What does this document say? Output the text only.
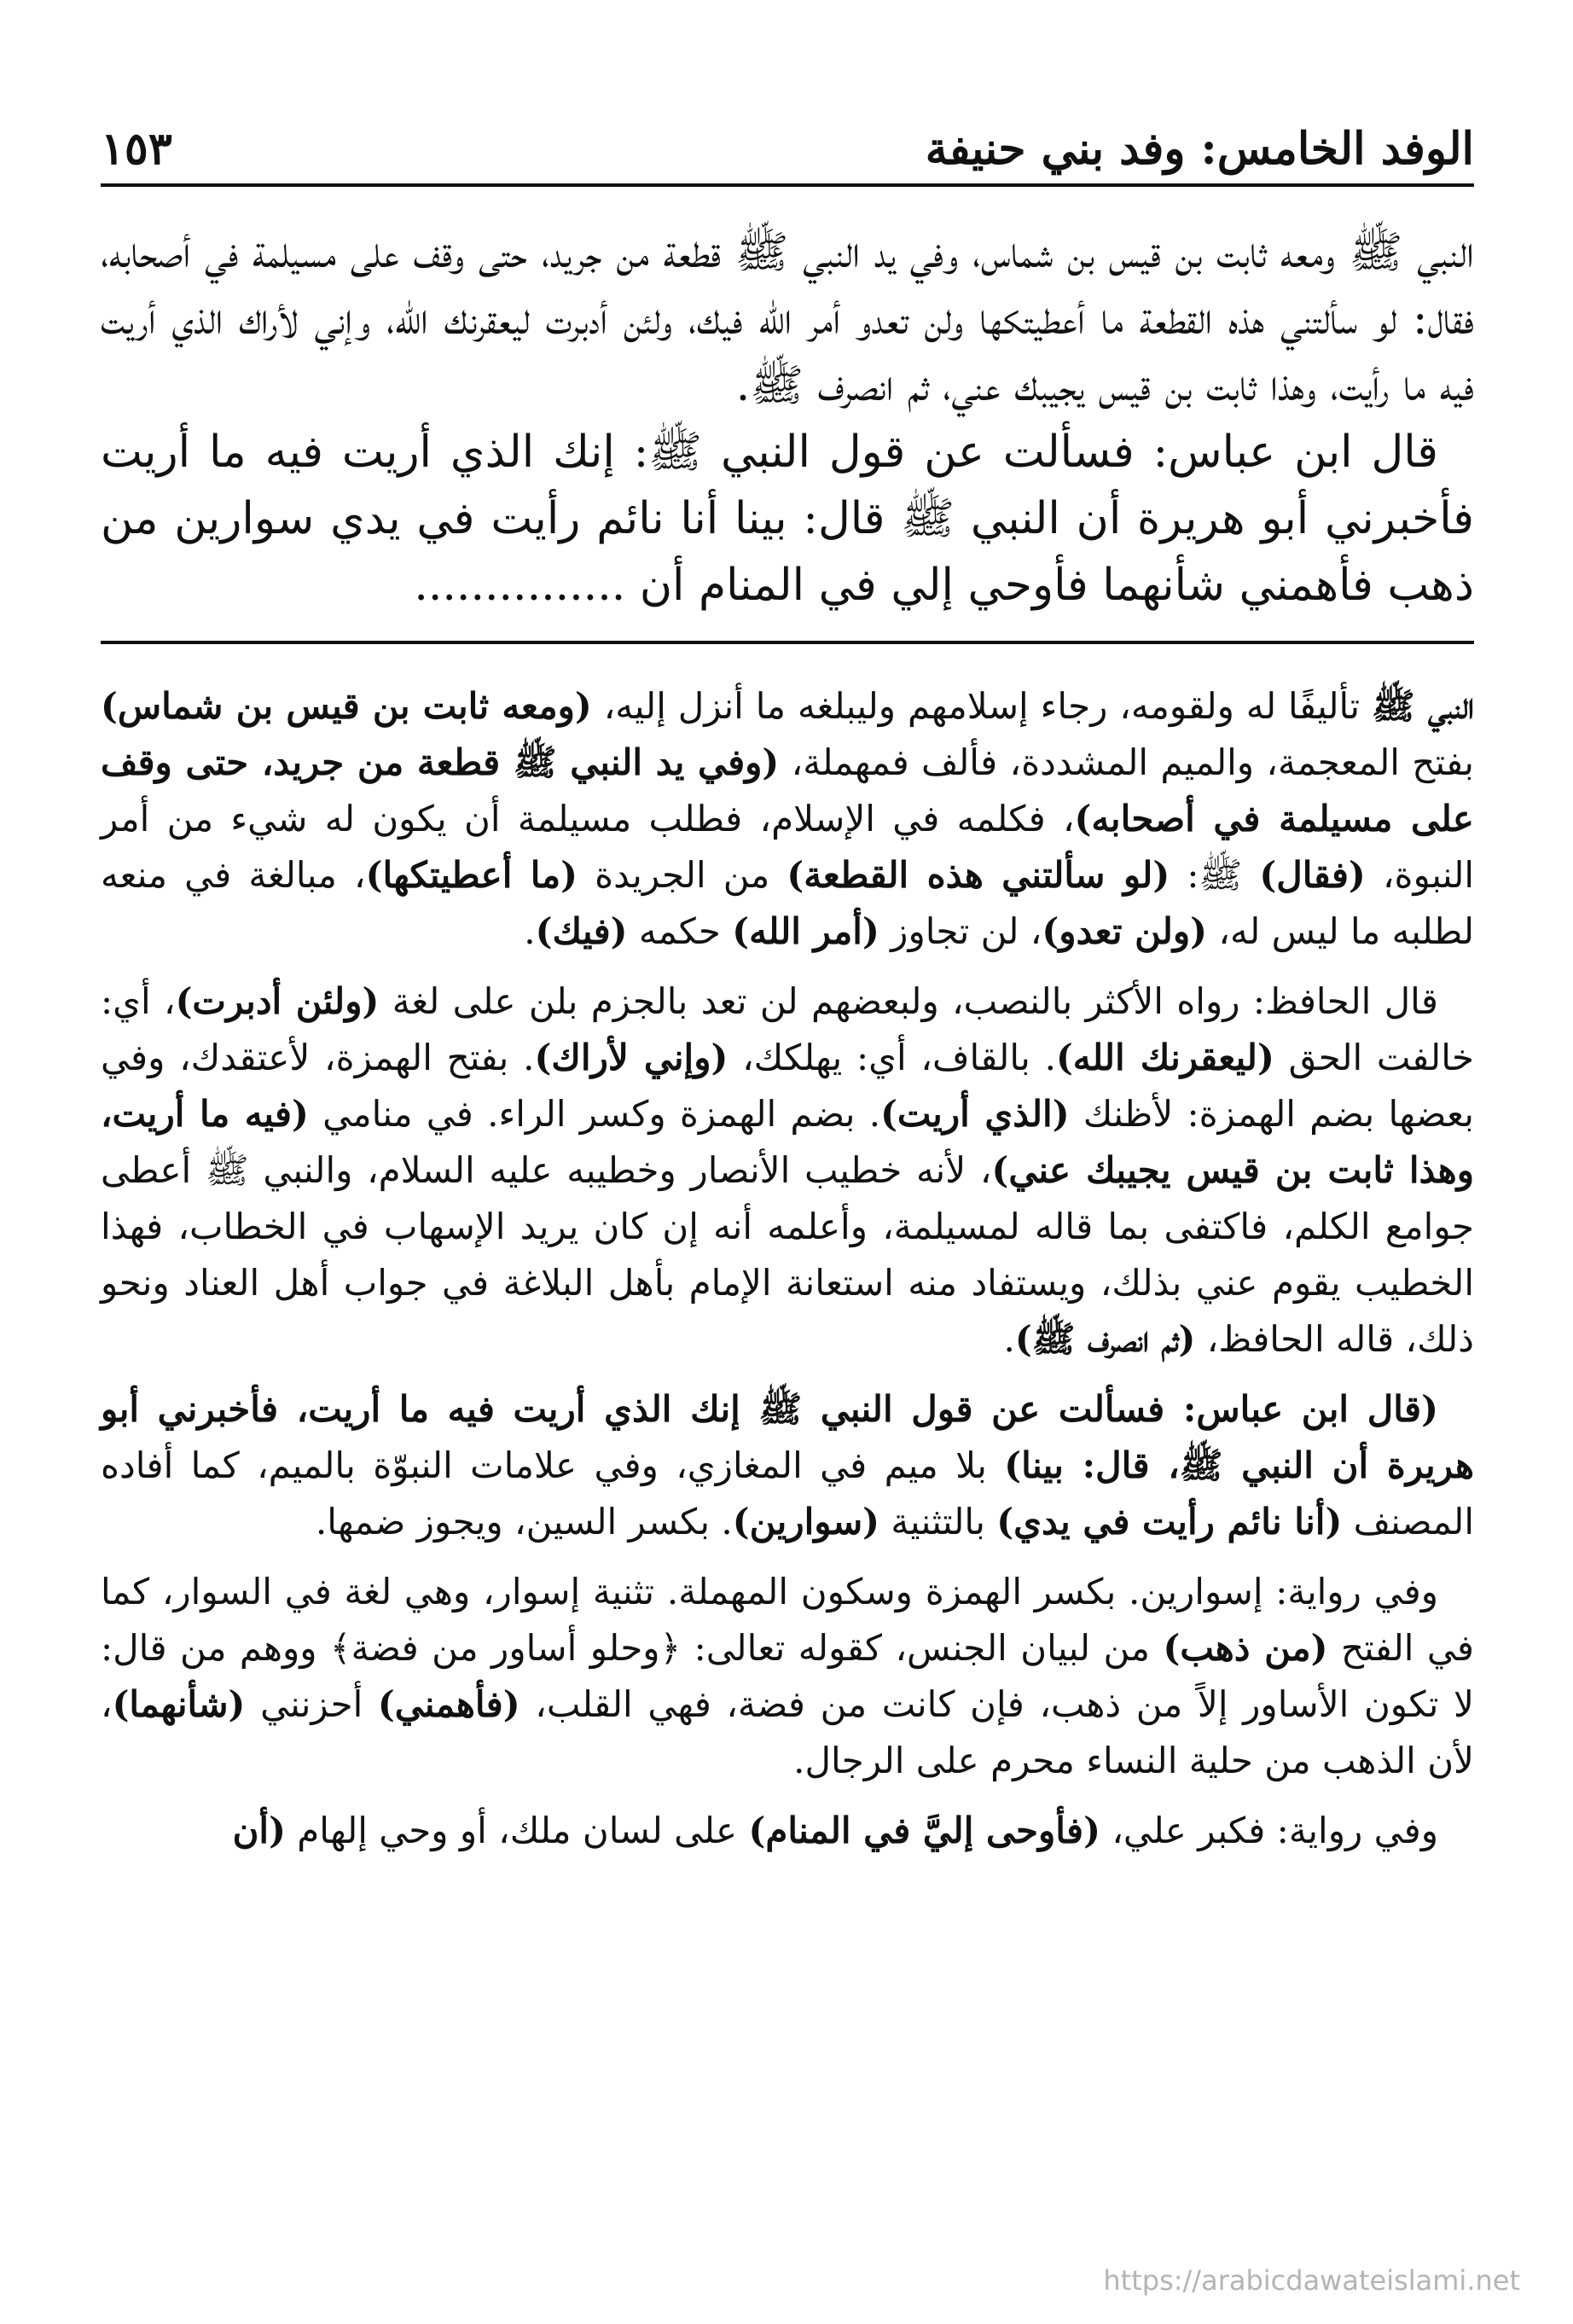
الوفد الخامس: وفد بني حنيفة
١٥٣

النبي ﷺ ومعه ثابت بن قيس بن شماس، وفي يد النبي ﷺ قطعة من جريد، حتى وقف على مسيلمة في أصحابه، فقال: لو سألتني هذه القطعة ما أعطيتكها ولن تعدو أمر الله فيك، ولئن أدبرت ليعقرنك الله، وإني لأراك الذي أريت فيه ما رأيت، وهذا ثابت بن قيس يجيبك عني، ثم انصرف ﷺ.

قال ابن عباس: فسألت عن قول النبي ﷺ: إنك الذي أريت فيه ما أريت فأخبرني أبو هريرة أن النبي ﷺ قال: بينا أنا نائم رأيت في يدي سوارين من ذهب فأهمني شأنهما فأوحي إلي في المنام أن ...............

النبي ﷺ تأليفًا له ولقومه، رجاء إسلامهم وليبلغه ما أنزل إليه، (ومعه ثابت بن قيس بن شماس) بفتح المعجمة، والميم المشددة، فألف فمهملة، (وفي يد النبي ﷺ قطعة من جريد، حتى وقف على مسيلمة في أصحابه)، فكلمه في الإسلام، فطلب مسيلمة أن يكون له شيء من أمر النبوة، (فقال) ﷺ: (لو سألتني هذه القطعة) من الجريدة (ما أعطيتكها)، مبالغة في منعه لطلبه ما ليس له، (ولن تعدو)، لن تجاوز (أمر الله) حكمه (فيك).

قال الحافظ: رواه الأكثر بالنصب، ولبعضهم لن تعد بالجزم بلن على لغة (ولئن أدبرت)، أي: خالفت الحق (ليعقرنك الله). بالقاف، أي: يهلكك، (وإني لأراك). بفتح الهمزة، لأعتقدك، وفي بعضها بضم الهمزة: لأظنك (الذي أريت). بضم الهمزة وكسر الراء. في منامي (فيه ما أريت، وهذا ثابت بن قيس يجيبك عني)، لأنه خطيب الأنصار وخطيبه عليه السلام، والنبي ﷺ أعطى جوامع الكلم، فاكتفى بما قاله لمسيلمة، وأعلمه أنه إن كان يريد الإسهاب في الخطاب، فهذا الخطيب يقوم عني بذلك، ويستفاد منه استعانة الإمام بأهل البلاغة في جواب أهل العناد ونحو ذلك، قاله الحافظ، (ثم انصرف ﷺ).

(قال ابن عباس: فسألت عن قول النبي ﷺ إنك الذي أريت فيه ما أريت، فأخبرني أبو هريرة أن النبي ﷺ، قال: بينا) بلا ميم في المغازي، وفي علامات النبوّة بالميم، كما أفاده المصنف (أنا نائم رأيت في يدي) بالتثنية (سوارين). بكسر السين، ويجوز ضمها.

وفي رواية: إسوارين. بكسر الهمزة وسكون المهملة. تثنية إسوار، وهي لغة في السوار، كما في الفتح (من ذهب) من لبيان الجنس، كقوله تعالى: ﴿وحلو أساور من فضة﴾ ووهم من قال: لا تكون الأساور إلاً من ذهب، فإن كانت من فضة، فهي القلب، (فأهمني) أحزنني (شأنهما)، لأن الذهب من حلية النساء محرم على الرجال.

وفي رواية: فكبر علي، (فأوحى إليَّ في المنام) على لسان ملك، أو وحي إلهام (أن

https://arabicdawateislami.net
